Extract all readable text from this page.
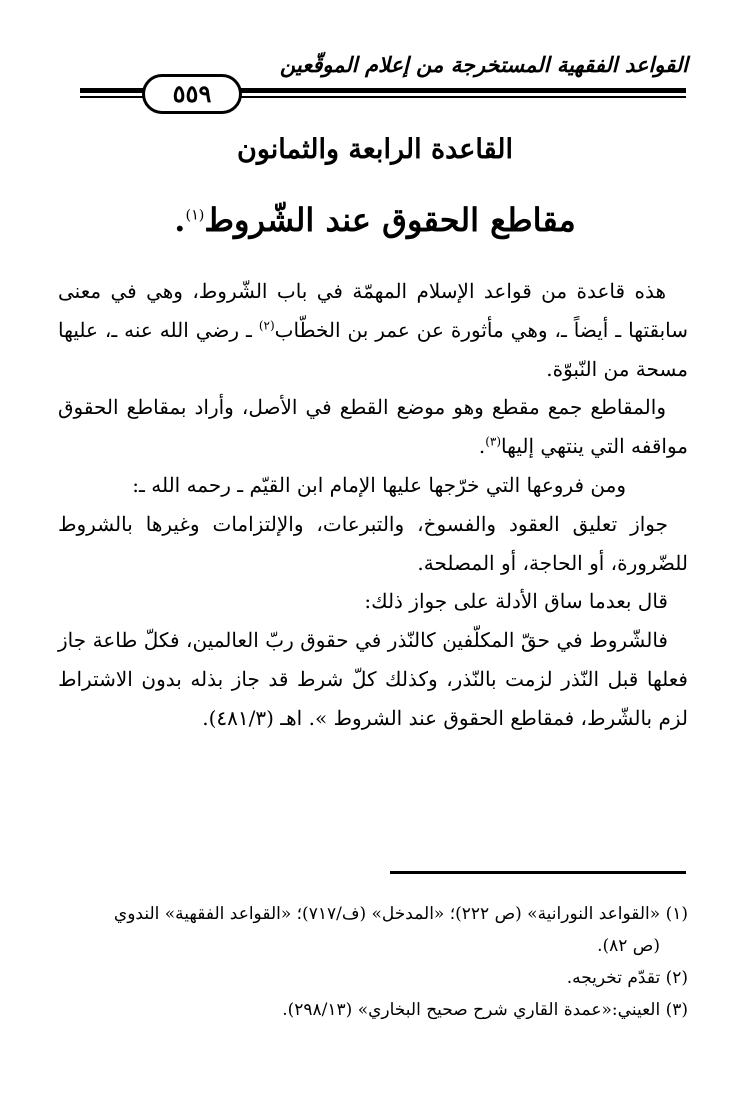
القواعد الفقهية المستخرجة من إعلام الموقّعين
٥٥٩
القاعدة الرابعة والثمانون
مقاطع الحقوق عند الشّروط$^{(١)}$.

هذه قاعدة من قواعد الإسلام المهمّة في باب الشّروط، وهي في معنى سابقتها ـ أيضاً ـ، وهي مأثورة عن عمر بن الخطّاب$^{(٢)}$ ـ رضي الله عنه ـ، عليها مسحة من النّبوّة.

والمقاطع جمع مقطع وهو موضع القطع في الأصل، وأراد بمقاطع الحقوق مواقفه التي ينتهي إليها$^{(٣)}$.

ومن فروعها التي خرّجها عليها الإمام ابن القيّم ـ رحمه الله ـ:

جواز تعليق العقود والفسوخ، والتبرعات، والإلتزامات وغيرها بالشروط للضّرورة، أو الحاجة، أو المصلحة.

قال بعدما ساق الأدلة على جواز ذلك:

فالشّروط في حقّ المكلّفين كالنّذر في حقوق ربّ العالمين، فكلّ طاعة جاز فعلها قبل النّذر لزمت بالنّذر، وكذلك كلّ شرط قد جاز بذله بدون الاشتراط لزم بالشّرط، فمقاطع الحقوق عند الشروط ». اهـ (٤٨١/٣).

(١) «القواعد النورانية» (ص ٢٢٢)؛ «المدخل» (ف/٧١٧)؛ «القواعد الفقهية» الندوي

(ص ٨٢).

(٢) تقدّم تخريجه.

(٣) العيني:«عمدة القاري شرح صحيح البخاري» (٢٩٨/١٣).
